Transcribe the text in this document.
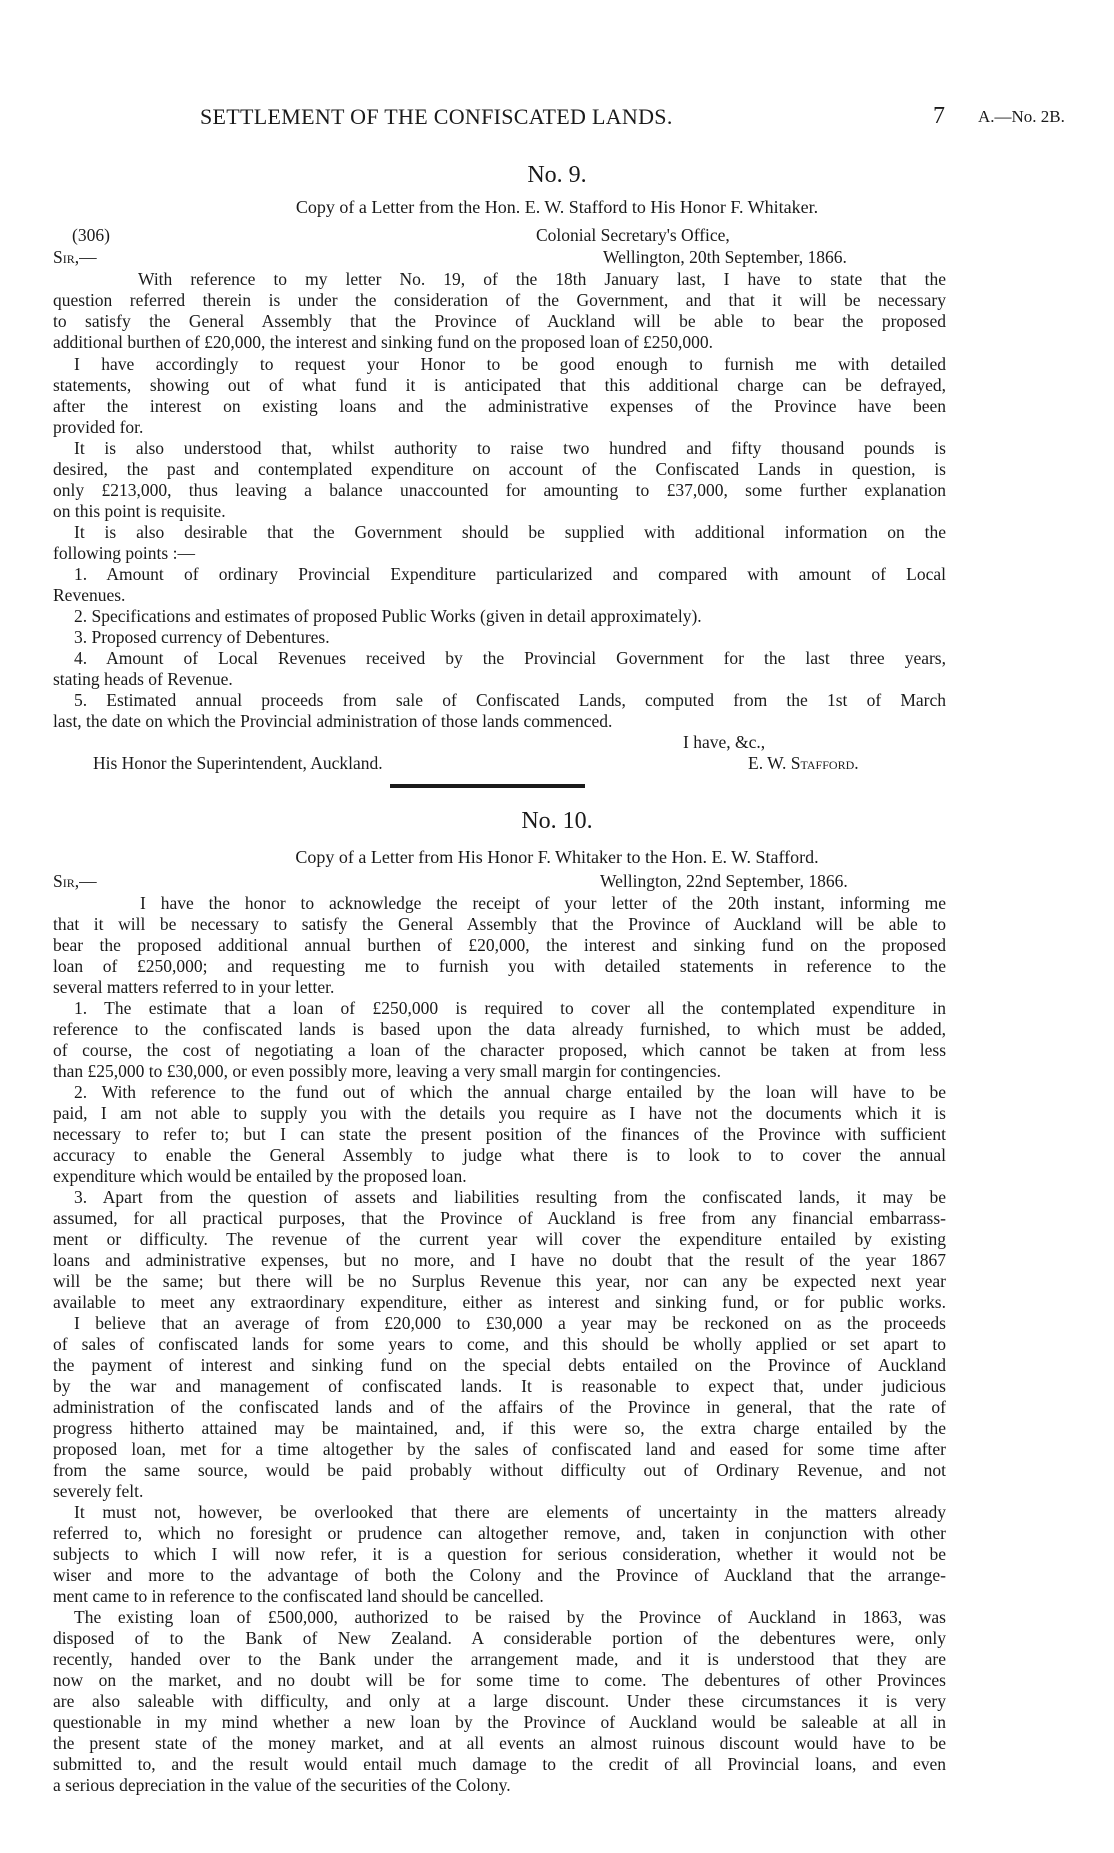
SETTLEMENT OF THE CONFISCATED LANDS.	7 A.—No. 2B.
No. 9.
Copy of a Letter from the Hon. E. W. Stafford to His Honor F. Whitaker.
(306)	Colonial Secretary's Office,
Sir,—	Wellington, 20th September, 1866.
With reference to my letter No. 19, of the 18th January last, I have to state that the
question referred therein is under the consideration of the Government, and that it will be necessary
to satisfy the General Assembly that the Province of Auckland will be able to bear the proposed
additional burthen of £20,000, the interest and sinking fund on the proposed loan of £250,000.
I have accordingly to request your Honor to be good enough to furnish me with detailed
statements, showing out of what fund it is anticipated that this additional charge can be defrayed,
after the interest on existing loans and the administrative expenses of the Province have been
provided for.
It is also understood that, whilst authority to raise two hundred and fifty thousand pounds is
desired, the past and contemplated expenditure on account of the Confiscated Lands in question, is
only £213,000, thus leaving a balance unaccounted for amounting to £37,000, some further explanation
on this point is requisite.
It is also desirable that the Government should be supplied with additional information on the
following points :—
1. Amount of ordinary Provincial Expenditure particularized and compared with amount of Local
Revenues.
2. Specifications and estimates of proposed Public Works (given in detail approximately).
3. Proposed currency of Debentures.
4. Amount of Local Revenues received by the Provincial Government for the last three years,
stating heads of Revenue.
5. Estimated annual proceeds from sale of Confiscated Lands, computed from the 1st of March
last, the date on which the Provincial administration of those lands commenced.
I have, &c.,
His Honor the Superintendent, Auckland.	E. W. Stafford.
No. 10.
Copy of a Letter from His Honor F. Whitaker to the Hon. E. W. Stafford.
Sir,—	Wellington, 22nd September, 1866.
I have the honor to acknowledge the receipt of your letter of the 20th instant, informing me
that it will be necessary to satisfy the General Assembly that the Province of Auckland will be able to
bear the proposed additional annual burthen of £20,000, the interest and sinking fund on the proposed
loan of £250,000; and requesting me to furnish you with detailed statements in reference to the
several matters referred to in your letter.
1. The estimate that a loan of £250,000 is required to cover all the contemplated expenditure in
reference to the confiscated lands is based upon the data already furnished, to which must be added,
of course, the cost of negotiating a loan of the character proposed, which cannot be taken at from less
than £25,000 to £30,000, or even possibly more, leaving a very small margin for contingencies.
2. With reference to the fund out of which the annual charge entailed by the loan will have to be
paid, I am not able to supply you with the details you require as I have not the documents which it is
necessary to refer to; but I can state the present position of the finances of the Province with sufficient
accuracy to enable the General Assembly to judge what there is to look to to cover the annual
expenditure which would be entailed by the proposed loan.
3. Apart from the question of assets and liabilities resulting from the confiscated lands, it may be
assumed, for all practical purposes, that the Province of Auckland is free from any financial embarrass-
ment or difficulty. The revenue of the current year will cover the expenditure entailed by existing
loans and administrative expenses, but no more, and I have no doubt that the result of the year 1867
will be the same; but there will be no Surplus Revenue this year, nor can any be expected next year
available to meet any extraordinary expenditure, either as interest and sinking fund, or for public works.
I believe that an average of from £20,000 to £30,000 a year may be reckoned on as the proceeds
of sales of confiscated lands for some years to come, and this should be wholly applied or set apart to
the payment of interest and sinking fund on the special debts entailed on the Province of Auckland
by the war and management of confiscated lands. It is reasonable to expect that, under judicious
administration of the confiscated lands and of the affairs of the Province in general, that the rate of
progress hitherto attained may be maintained, and, if this were so, the extra charge entailed by the
proposed loan, met for a time altogether by the sales of confiscated land and eased for some time after
from the same source, would be paid probably without difficulty out of Ordinary Revenue, and not
severely felt.
It must not, however, be overlooked that there are elements of uncertainty in the matters already
referred to, which no foresight or prudence can altogether remove, and, taken in conjunction with other
subjects to which I will now refer, it is a question for serious consideration, whether it would not be
wiser and more to the advantage of both the Colony and the Province of Auckland that the arrange-
ment came to in reference to the confiscated land should be cancelled.
The existing loan of £500,000, authorized to be raised by the Province of Auckland in 1863, was
disposed of to the Bank of New Zealand. A considerable portion of the debentures were, only
recently, handed over to the Bank under the arrangement made, and it is understood that they are
now on the market, and no doubt will be for some time to come. The debentures of other Provinces
are also saleable with difficulty, and only at a large discount. Under these circumstances it is very
questionable in my mind whether a new loan by the Province of Auckland would be saleable at all in
the present state of the money market, and at all events an almost ruinous discount would have to be
submitted to, and the result would entail much damage to the credit of all Provincial loans, and even
a serious depreciation in the value of the securities of the Colony.
